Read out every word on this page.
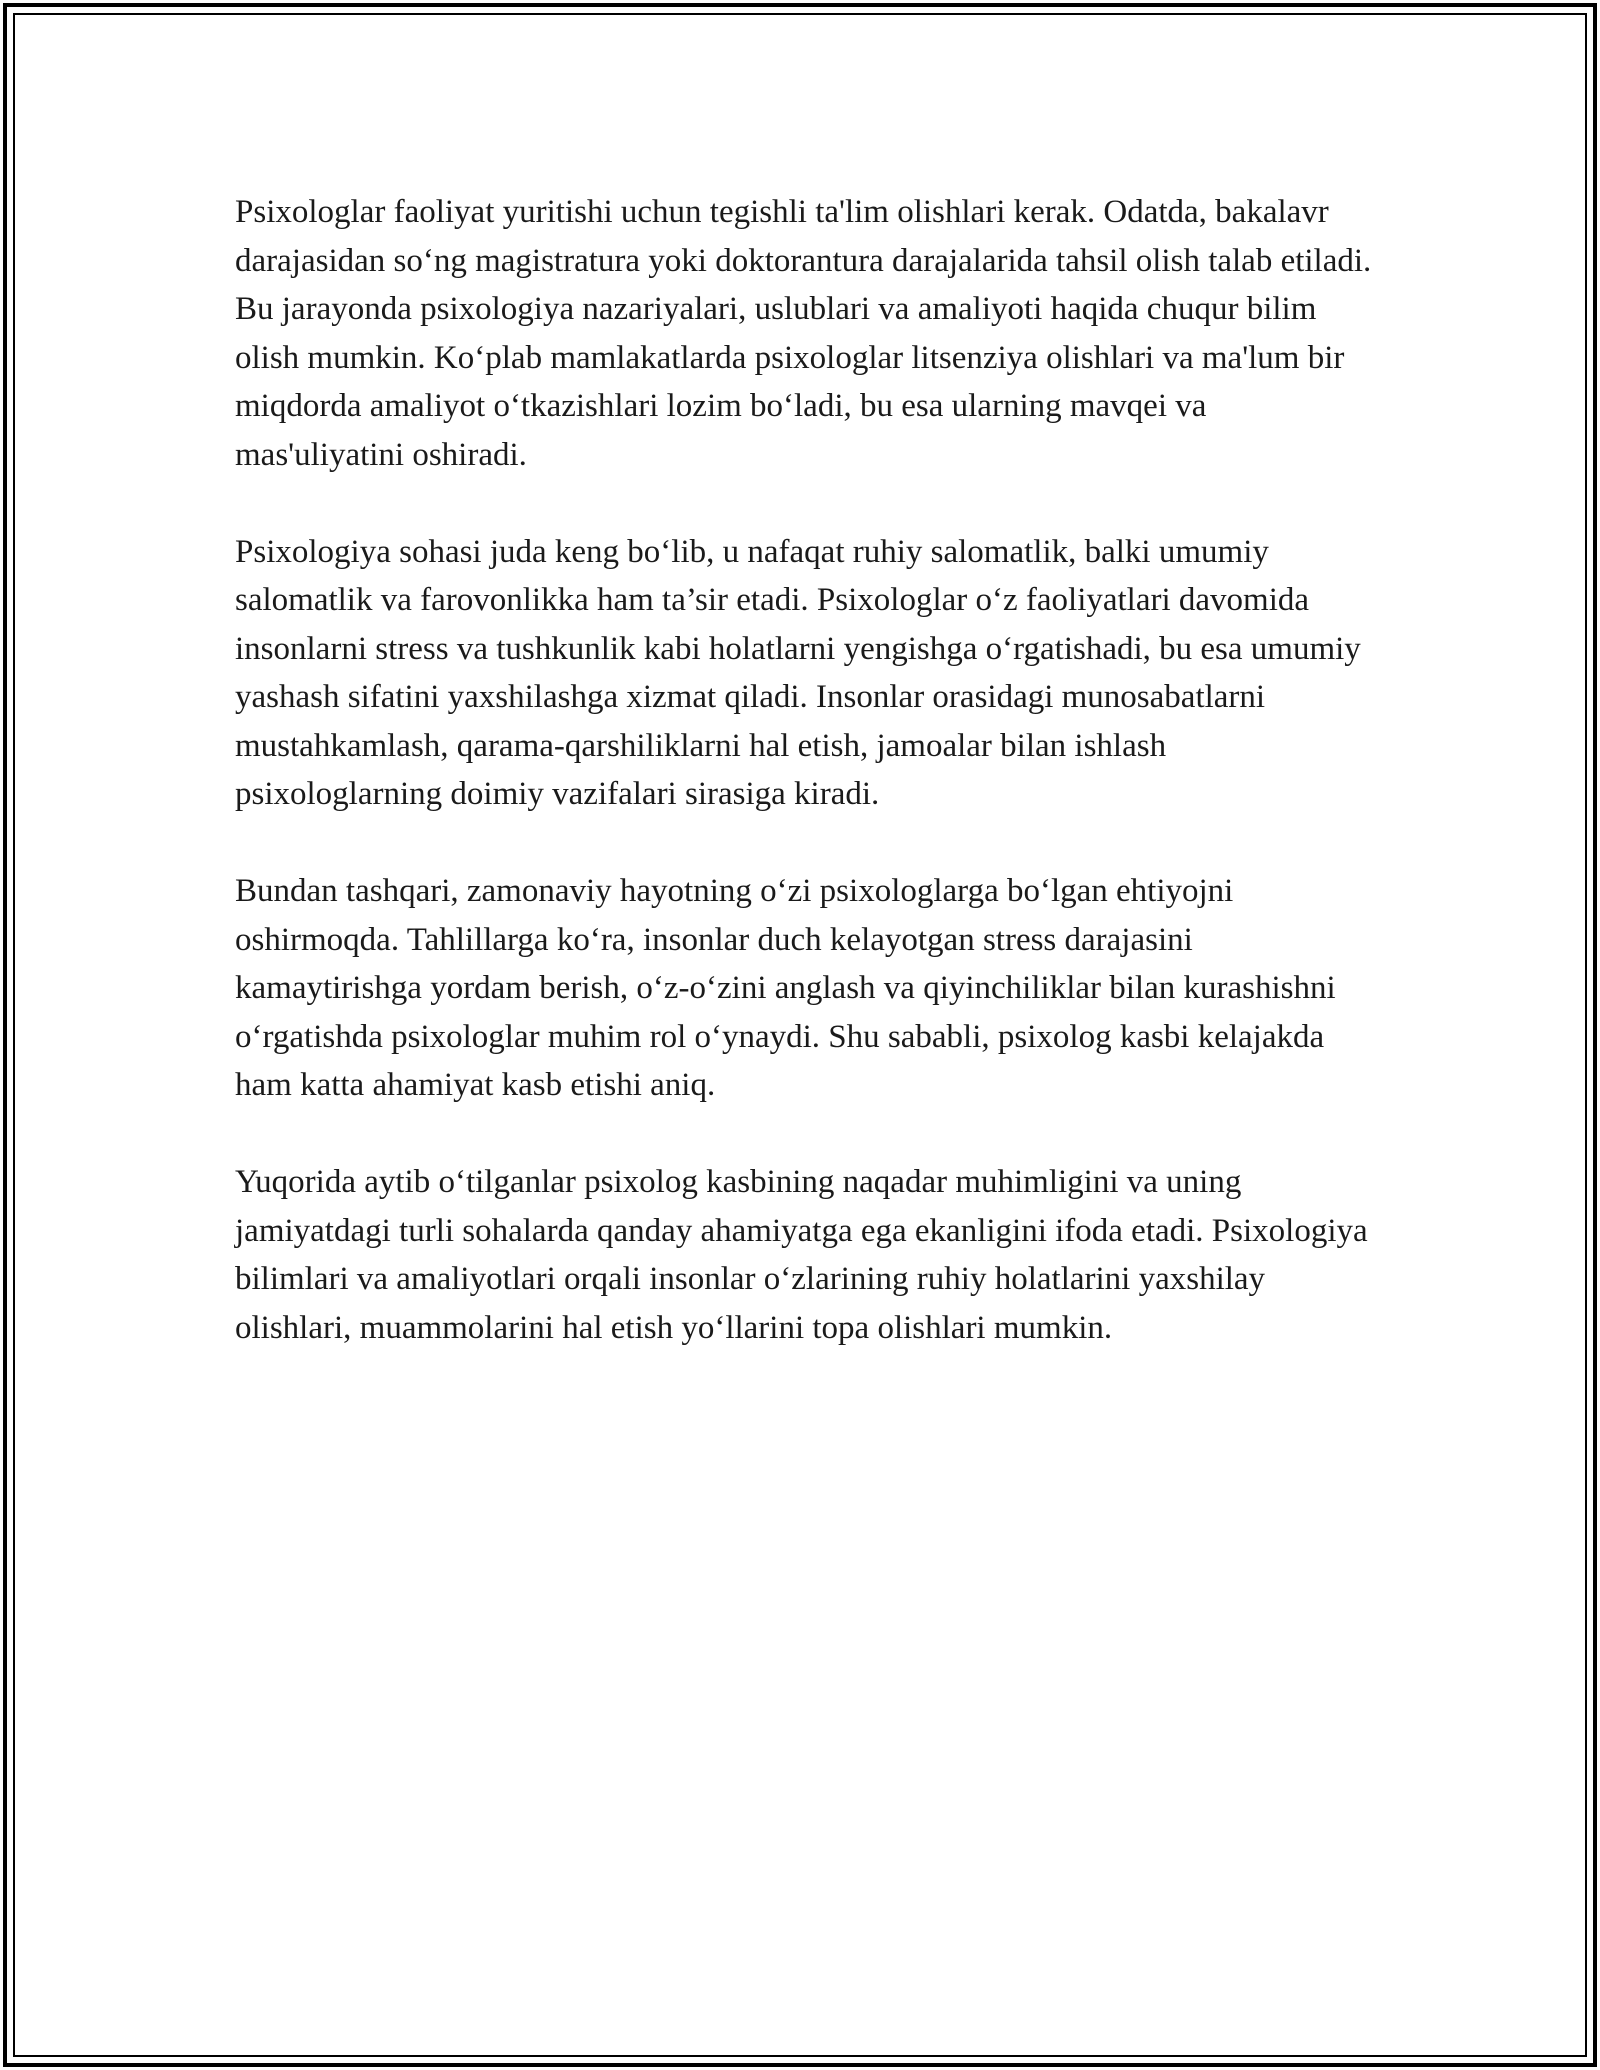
Psixologlar faoliyat yuritishi uchun tegishli ta'lim olishlari kerak. Odatda, bakalavr darajasidan so‘ng magistratura yoki doktorantura darajalarida tahsil olish talab etiladi. Bu jarayonda psixologiya nazariyalari, uslublari va amaliyoti haqida chuqur bilim olish mumkin. Ko‘plab mamlakatlarda psixologlar litsenziya olishlari va ma'lum bir miqdorda amaliyot o‘tkazishlari lozim bo‘ladi, bu esa ularning mavqei va mas'uliyatini oshiradi.

Psixologiya sohasi juda keng bo‘lib, u nafaqat ruhiy salomatlik, balki umumiy salomatlik va farovonlikka ham ta’sir etadi. Psixologlar o‘z faoliyatlari davomida insonlarni stress va tushkunlik kabi holatlarni yengishga o‘rgatishadi, bu esa umumiy yashash sifatini yaxshilashga xizmat qiladi. Insonlar orasidagi munosabatlarni mustahkamlash, qarama-qarshiliklarni hal etish, jamoalar bilan ishlash psixologlarning doimiy vazifalari sirasiga kiradi.

Bundan tashqari, zamonaviy hayotning o‘zi psixologlarga bo‘lgan ehtiyojni oshirmoqda. Tahlillarga ko‘ra, insonlar duch kelayotgan stress darajasini kamaytirishga yordam berish, o‘z-o‘zini anglash va qiyinchiliklar bilan kurashishni o‘rgatishda psixologlar muhim rol o‘ynaydi. Shu sababli, psixolog kasbi kelajakda ham katta ahamiyat kasb etishi aniq.

Yuqorida aytib o‘tilganlar psixolog kasbining naqadar muhimligini va uning jamiyatdagi turli sohalarda qanday ahamiyatga ega ekanligini ifoda etadi. Psixologiya bilimlari va amaliyotlari orqali insonlar o‘zlarining ruhiy holatlarini yaxshilay olishlari, muammolarini hal etish yo‘llarini topa olishlari mumkin.
